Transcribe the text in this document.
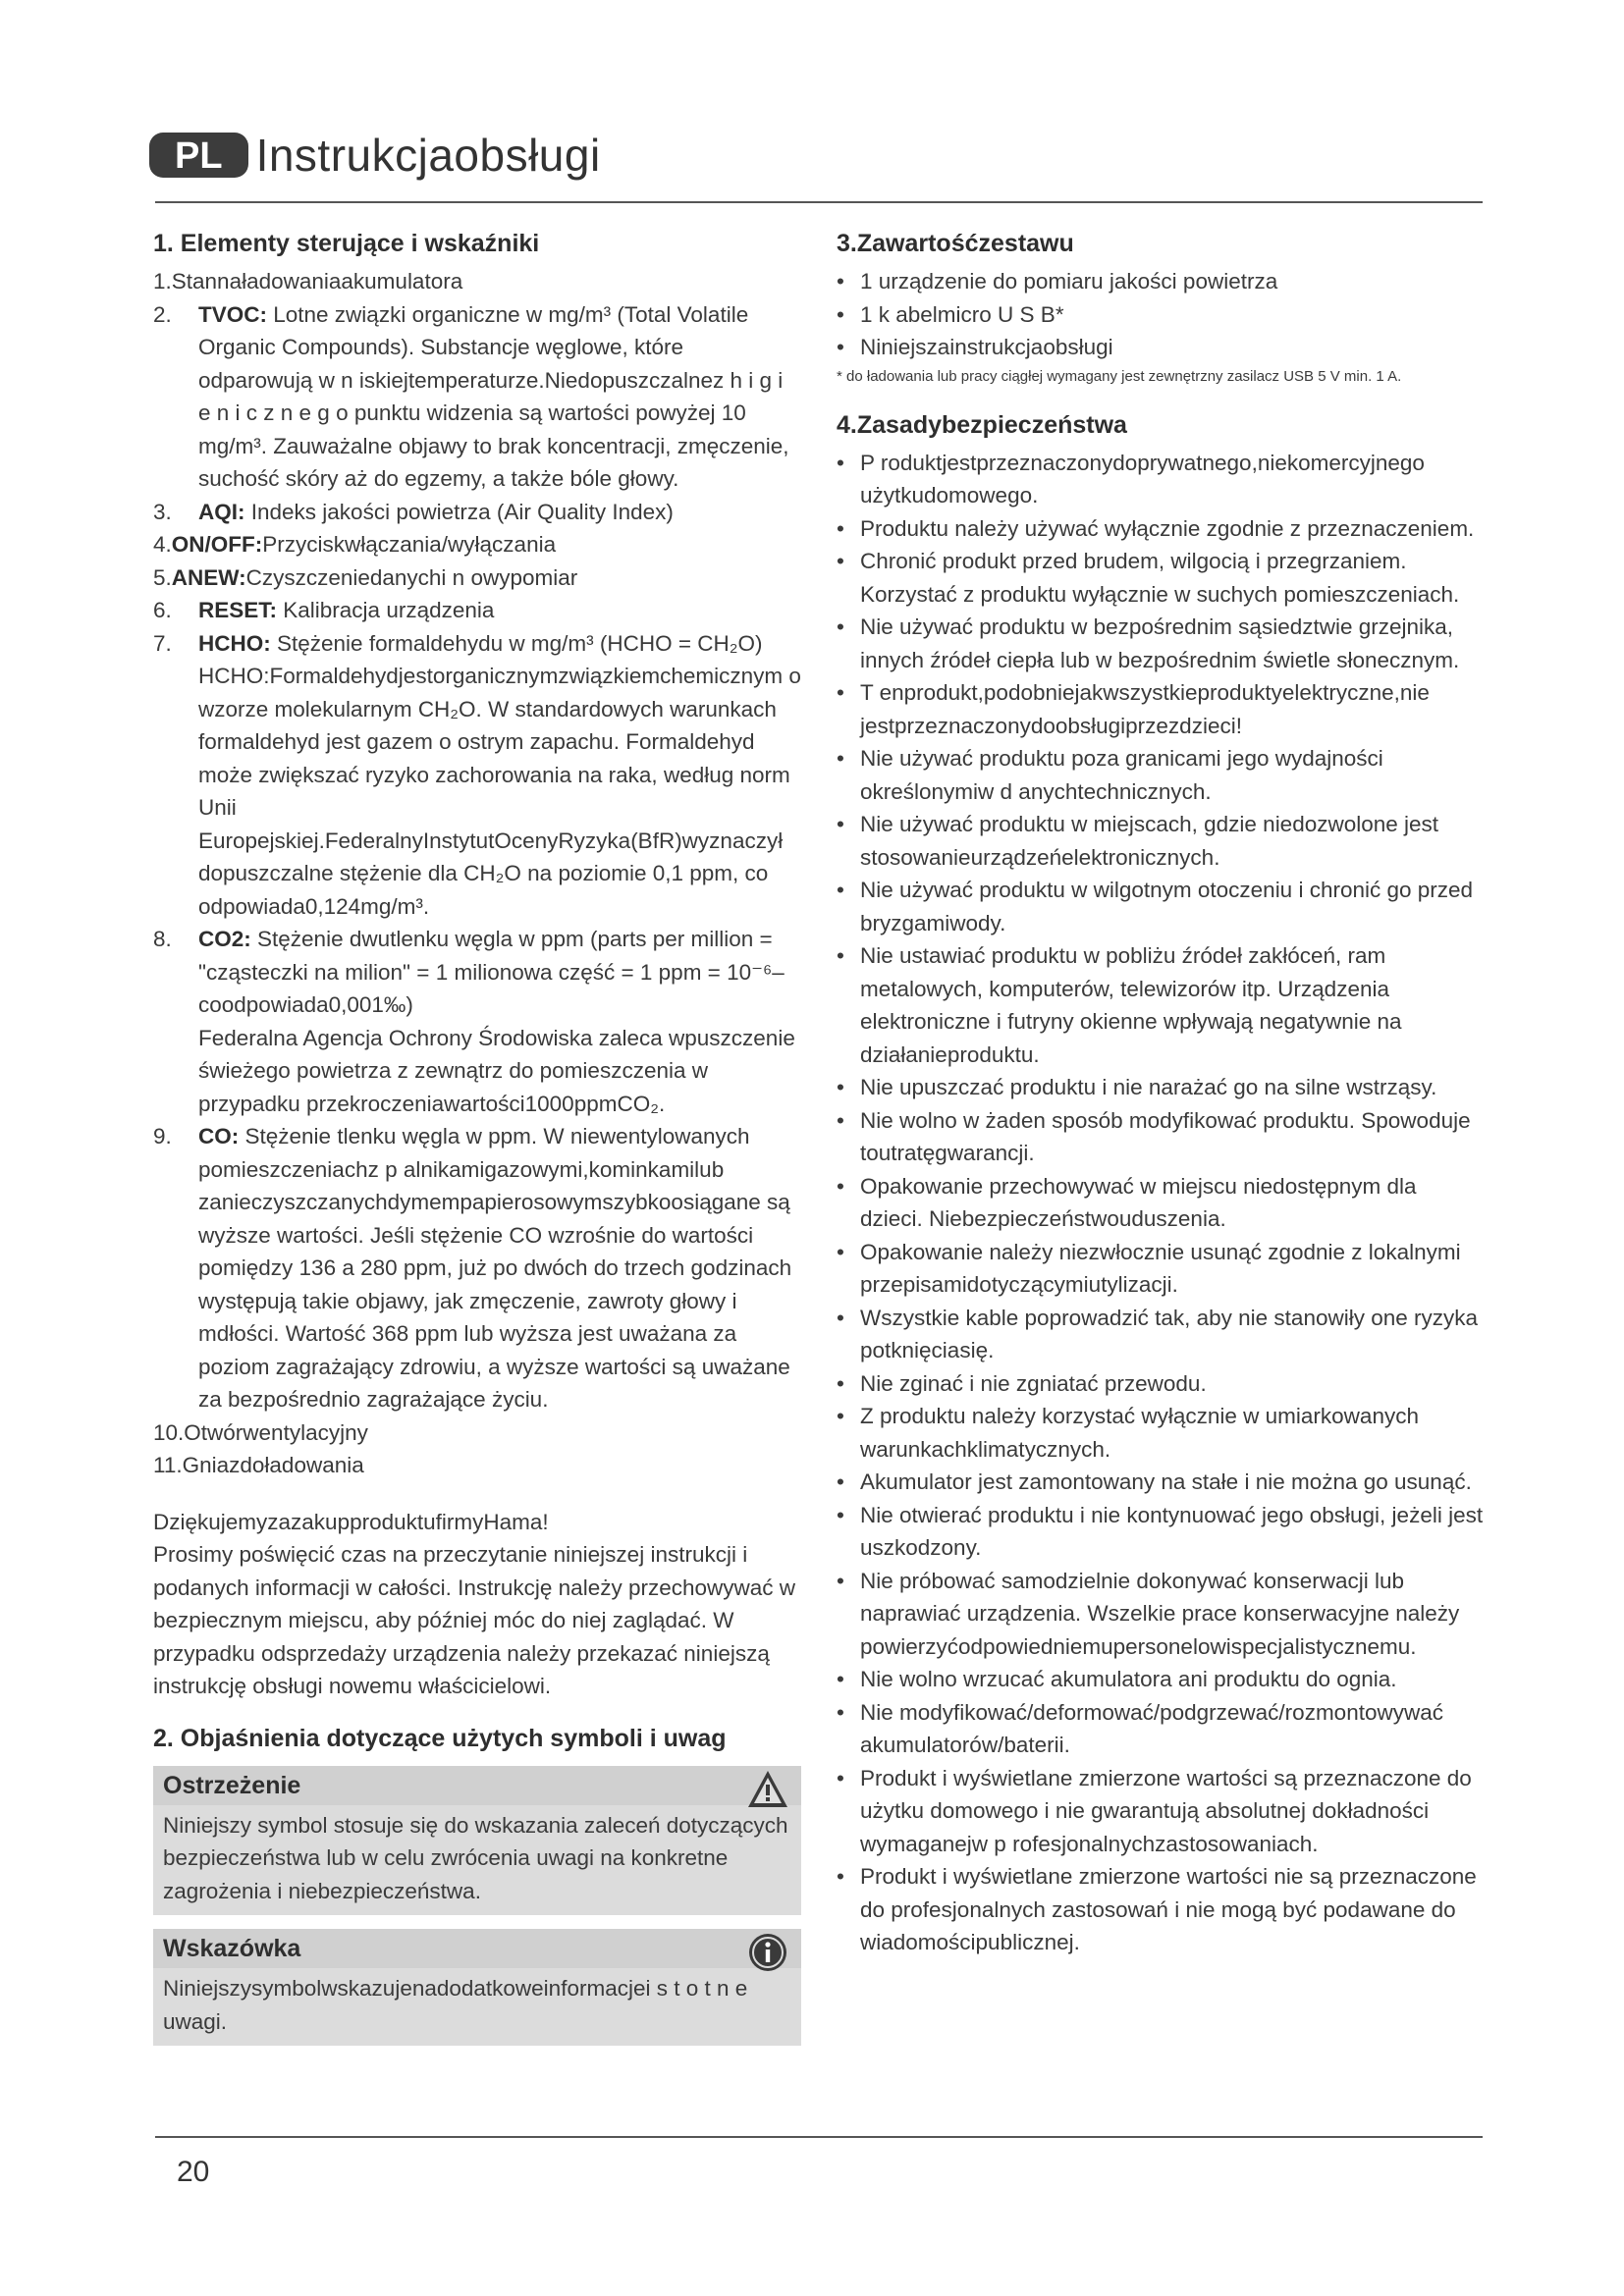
PL Instrukcjaobsługi
1. Elementy sterujące i wskaźniki
1. Stannaładowaniaakumulatora
2.	TVOC: Lotne związki organiczne w mg/m³ (Total Volatile Organic Compounds). Substancje węglowe, które odparowują w n iskiejtemperaturze.Niedopuszczalnez h i g i e n i c z n e g o punktu widzenia są wartości powyżej 10 mg/m³. Zauważalne objawy to brak koncentracji, zmęczenie, suchość skóry aż do egzemy, a także bóle głowy.
3.	AQI: Indeks jakości powietrza (Air Quality Index)
4. ON/OFF:Przyciskwłączania/wyłączania
5. ANEW:Czyszczeniedanychi n owypomiar
6.	RESET: Kalibracja urządzenia
7.	HCHO: Stężenie formaldehydu w mg/m³ (HCHO = CH₂O) HCHO:Formaldehydjestorganicznymzwiązkiemchemicznym o wzorze molekularnym CH₂O. W standardowych warunkach formaldehyd jest gazem o ostrym zapachu. Formaldehyd może zwiększać ryzyko zachorowania na raka, według norm Unii Europejskiej.FederalnyInstytutOcenyRyzyka(BfR)wyznaczył dopuszczalne stężenie dla CH₂O na poziomie 0,1 ppm, co odpowiada0,124mg/m³.
8.	CO2: Stężenie dwutlenku węgla w ppm (parts per million = "cząsteczki na milion" = 1 milionowa część = 1 ppm = 10⁻⁶– coodpowiada0,001‰)
Federalna Agencja Ochrony Środowiska zaleca wpuszczenie świeżego powietrza z zewnątrz do pomieszczenia w przypadku przekroczeniawartości1000ppmCO₂.
9.	CO: Stężenie tlenku węgla w ppm. W niewentylowanych pomieszczeniachz p alnikamigazowymi,kominkamilub zanieczyszczanychdymempapierosowymszybkoosiągane są wyższe wartości. Jeśli stężenie CO wzrośnie do wartości pomiędzy 136 a 280 ppm, już po dwóch do trzech godzinach występują takie objawy, jak zmęczenie, zawroty głowy i mdłości. Wartość 368 ppm lub wyższa jest uważana za poziom zagrażający zdrowiu, a wyższe wartości są uważane za bezpośrednio zagrażające życiu.
10. Otwórwentylacyjny
11. Gniazdoładowania

DziękujemyzazakupproduktufirmyHama!

Prosimy poświęcić czas na przeczytanie niniejszej instrukcji i podanych informacji w całości. Instrukcję należy przechowywać w bezpiecznym miejscu, aby później móc do niej zaglądać. W przypadku odsprzedaży urządzenia należy przekazać niniejszą instrukcję obsługi nowemu właścicielowi.

2. Objaśnienia dotyczące użytych symboli i uwag
Ostrzeżenie

Niniejszy symbol stosuje się do wskazania zaleceń dotyczących bezpieczeństwa lub w celu zwrócenia uwagi na konkretne zagrożenia i niebezpieczeństwa.

Wskazówka

Niniejszysymbolwskazujenadodatkoweinformacjei s t o t n e uwagi.

3.Zawartośćzestawu
• 1 urządzenie do pomiaru jakości powietrza
• 1 k abelmicro U S B*
• Niniejszainstrukcjaobsługi

* do ładowania lub pracy ciągłej wymagany jest zewnętrzny zasilacz USB 5 V min. 1 A.

4.Zasadybezpieczeństwa
• P roduktjestprzeznaczonydoprywatnego,niekomercyjnego użytkudomowego.
• Produktu należy używać wyłącznie zgodnie z przeznaczeniem.
• Chronić produkt przed brudem, wilgocią i przegrzaniem. Korzystać z produktu wyłącznie w suchych pomieszczeniach.
• Nie używać produktu w bezpośrednim sąsiedztwie grzejnika, innych źródeł ciepła lub w bezpośrednim świetle słonecznym.
• T enprodukt,podobniejakwszystkieproduktyelektryczne,nie jestprzeznaczonydoobsługiprzezdzieci!
• Nie używać produktu poza granicami jego wydajności określonymiw d anychtechnicznych.
• Nie używać produktu w miejscach, gdzie niedozwolone jest stosowanieurządzeńelektronicznych.
• Nie używać produktu w wilgotnym otoczeniu i chronić go przed bryzgamiwody.
• Nie ustawiać produktu w pobliżu źródeł zakłóceń, ram metalowych, komputerów, telewizorów itp. Urządzenia elektroniczne i futryny okienne wpływają negatywnie na działanieproduktu.
• Nie upuszczać produktu i nie narażać go na silne wstrząsy.
• Nie wolno w żaden sposób modyfikować produktu. Spowoduje toutratęgwarancji.
• Opakowanie przechowywać w miejscu niedostępnym dla dzieci. Niebezpieczeństwouduszenia.
• Opakowanie należy niezwłocznie usunąć zgodnie z lokalnymi przepisamidotyczącymiutylizacji.
• Wszystkie kable poprowadzić tak, aby nie stanowiły one ryzyka potknięciasię.
• Nie zginać i nie zgniatać przewodu.
• Z produktu należy korzystać wyłącznie w umiarkowanych warunkachklimatycznych.
• Akumulator jest zamontowany na stałe i nie można go usunąć.
• Nie otwierać produktu i nie kontynuować jego obsługi, jeżeli jest uszkodzony.
• Nie próbować samodzielnie dokonywać konserwacji lub naprawiać urządzenia. Wszelkie prace konserwacyjne należy powierzyćodpowiedniemupersonelowispecjalistycznemu.
• Nie wolno wrzucać akumulatora ani produktu do ognia.
• Nie modyfikować/deformować/podgrzewać/rozmontowywać akumulatorów/baterii.
• Produkt i wyświetlane zmierzone wartości są przeznaczone do użytku domowego i nie gwarantują absolutnej dokładności wymaganejw p rofesjonalnychzastosowaniach.
• Produkt i wyświetlane zmierzone wartości nie są przeznaczone do profesjonalnych zastosowań i nie mogą być podawane do wiadomościpublicznej.
20
